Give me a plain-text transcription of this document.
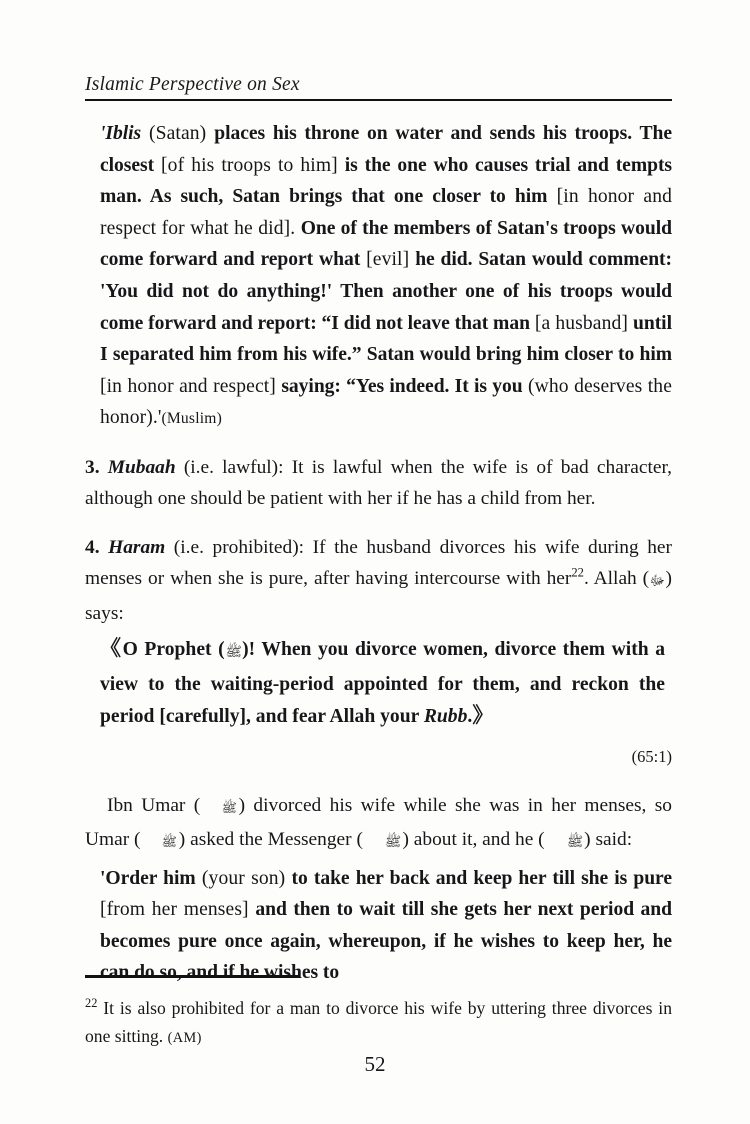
Islamic Perspective on Sex

'Iblis (Satan) places his throne on water and sends his troops. The closest [of his troops to him] is the one who causes trial and tempts man. As such, Satan brings that one closer to him [in honor and respect for what he did]. One of the members of Satan's troops would come forward and report what [evil] he did. Satan would comment: 'You did not do anything!' Then another one of his troops would come forward and report: “I did not leave that man [a husband] until I separated him from his wife.” Satan would bring him closer to him [in honor and respect] saying: “Yes indeed. It is you (who deserves the honor).'(Muslim)

3. Mubaah (i.e. lawful): It is lawful when the wife is of bad character, although one should be patient with her if he has a child from her.

4. Haram (i.e. prohibited): If the husband divorces his wife during her menses or when she is pure, after having intercourse with her$^{22}$. Allah (ﷻ) says:

《O Prophet (ﷺ)! When you divorce women, divorce them with a view to the waiting-period appointed for them, and reckon the period [carefully], and fear Allah your Rubb.》

(65:1)

Ibn Umar ( ﷺ) divorced his wife while she was in her menses, so Umar ( ﷺ) asked the Messenger ( ﷺ) about it, and he ( ﷺ) said:

'Order him (your son) to take her back and keep her till she is pure [from her menses] and then to wait till she gets her next period and becomes pure once again, whereupon, if he wishes to keep her, he can do so, and if he wishes to

$^{22}$ It is also prohibited for a man to divorce his wife by uttering three divorces in one sitting. (AM)

52
